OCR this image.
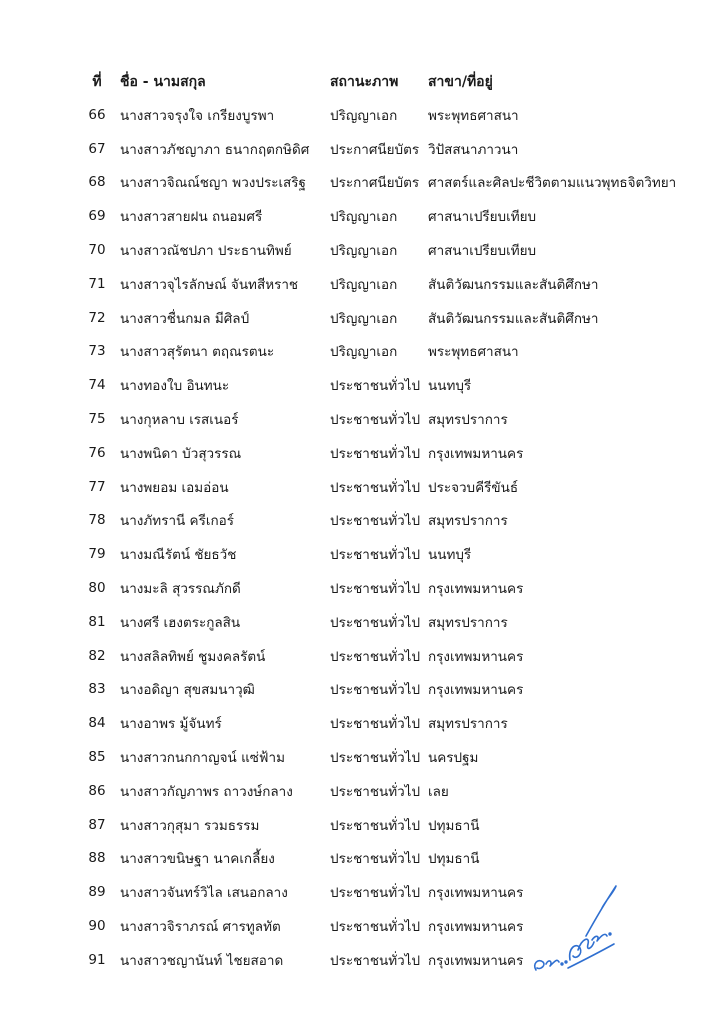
ที่	ชื่อ - นามสกุล	สถานะภาพ	สาขา/ที่อยู่
66	นางสาวจรุงใจ เกรียงบูรพา	ปริญญาเอก	พระพุทธศาสนา
67	นางสาวภัชญาภา ธนากฤตกษิดิศ	ประกาศนียบัตร	วิปัสสนาภาวนา
68	นางสาวจิณณ์ชญา พวงประเสริฐ	ประกาศนียบัตร	ศาสตร์และศิลปะชีวิตตามแนวพุทธจิตวิทยา
69	นางสาวสายฝน ถนอมศรี	ปริญญาเอก	ศาสนาเปรียบเทียบ
70	นางสาวณัชปภา ประธานทิพย์	ปริญญาเอก	ศาสนาเปรียบเทียบ
71	นางสาวจุไรลักษณ์ จันทสีหราช	ปริญญาเอก	สันติวัฒนกรรมและสันติศึกษา
72	นางสาวชื่นกมล มีศิลป์	ปริญญาเอก	สันติวัฒนกรรมและสันติศึกษา
73	นางสาวสุรัตนา ตฤณรตนะ	ปริญญาเอก	พระพุทธศาสนา
74	นางทองใบ อินทนะ	ประชาชนทั่วไป	นนทบุรี
75	นางกุหลาบ เรสเนอร์	ประชาชนทั่วไป	สมุทรปราการ
76	นางพนิดา บัวสุวรรณ	ประชาชนทั่วไป	กรุงเทพมหานคร
77	นางพยอม เอมอ่อน	ประชาชนทั่วไป	ประจวบคีรีขันธ์
78	นางภัทรานี ครีเกอร์	ประชาชนทั่วไป	สมุทรปราการ
79	นางมณีรัตน์ ชัยธวัช	ประชาชนทั่วไป	นนทบุรี
80	นางมะลิ สุวรรณภักดี	ประชาชนทั่วไป	กรุงเทพมหานคร
81	นางศรี เฮงตระกูลสิน	ประชาชนทั่วไป	สมุทรปราการ
82	นางสลิลทิพย์ ชูมงคลรัตน์	ประชาชนทั่วไป	กรุงเทพมหานคร
83	นางอดิญา สุขสมนาวุฒิ	ประชาชนทั่วไป	กรุงเทพมหานคร
84	นางอาพร มู้จันทร์	ประชาชนทั่วไป	สมุทรปราการ
85	นางสาวกนกกาญจน์ แซ่ฟ้าม	ประชาชนทั่วไป	นครปฐม
86	นางสาวกัญภาพร ถาวงษ์กลาง	ประชาชนทั่วไป	เลย
87	นางสาวกุสุมา รวมธรรม	ประชาชนทั่วไป	ปทุมธานี
88	นางสาวขนิษฐา นาคเกลี้ยง	ประชาชนทั่วไป	ปทุมธานี
89	นางสาวจันทร์วิไล เสนอกลาง	ประชาชนทั่วไป	กรุงเทพมหานคร
90	นางสาวจิราภรณ์ ศารทูลทัต	ประชาชนทั่วไป	กรุงเทพมหานคร
91	นางสาวชญานันท์ ไชยสอาด	ประชาชนทั่วไป	กรุงเทพมหานคร
